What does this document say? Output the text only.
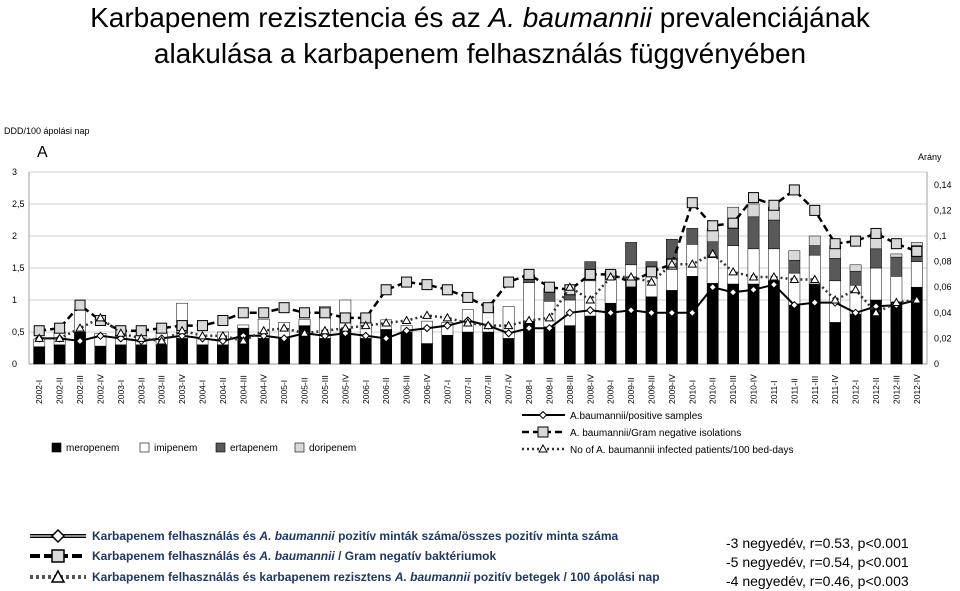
Karbapenem rezisztencia és az A. baumannii prevalenciájának
alakulása a karbapenem felhasználás függvényében
DDD/100 ápolási nap
A	Arány
0
0,5
1
1,5
2
2,5
3
0
0,02
0,04
0,06
0,08
0,1
0,12
0,14
2002-I 2002-II 2002-III 2002-IV 2003-I 2003-II 2003-III 2003-IV 2004-I 2004-II 2004-III 2004-IV 2005-I 2005-II 2005-III 2005-IV 2006-I 2006-II 2006-III 2006-IV 2007-I 2007-II 2007-III 2007-IV 2008-I 2008-II 2008-III 2008-IV 2009-I 2009-II 2009-III 2009-IV 2010-I 2010-II 2010-III 2010-IV 2011-I 2011-II 2011-III 2011-IV 2012-I 2012-II 2012-III 2012-IV
meropenem	imipenem	ertapenem	doripenem
A.baumannii/positive samples
A. baumannii/Gram negative isolations
No of A. baumannii infected patients/100 bed-days
Karbapenem felhasználás és A. baumannii pozitív minták száma/összes pozitív minta száma
Karbapenem felhasználás és A. baumannii / Gram negatív baktériumok
Karbapenem felhasználás és karbapenem rezisztens A. baumannii pozitív betegek / 100 ápolási nap
-3 negyedév, r=0.53, p<0.001
-5 negyedév, r=0.54, p<0.001
-4 negyedév, r=0.46, p<0.003
